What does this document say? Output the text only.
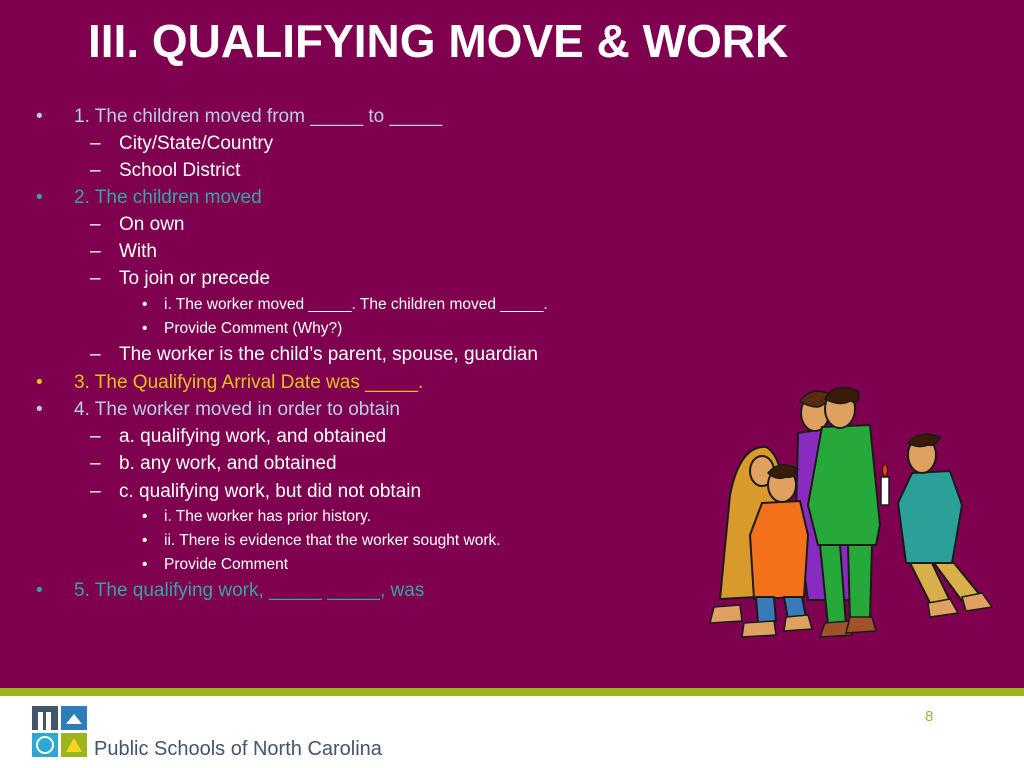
III. QUALIFYING MOVE & WORK
• 1. The children moved from _____ to _____
– City/State/Country
– School District
• 2. The children moved
– On own
– With
– To join or precede
• i. The worker moved _____. The children moved _____.
• Provide Comment (Why?)
– The worker is the child’s parent, spouse, guardian
• 3. The Qualifying Arrival Date was _____.
• 4. The worker moved in order to obtain
– a. qualifying work, and obtained
– b. any work, and obtained
– c. qualifying work, but did not obtain
• i. The worker has prior history.
• ii. There is evidence that the worker sought work.
• Provide Comment
• 5. The qualifying work, _____ _____, was
Public Schools of North Carolina
8
